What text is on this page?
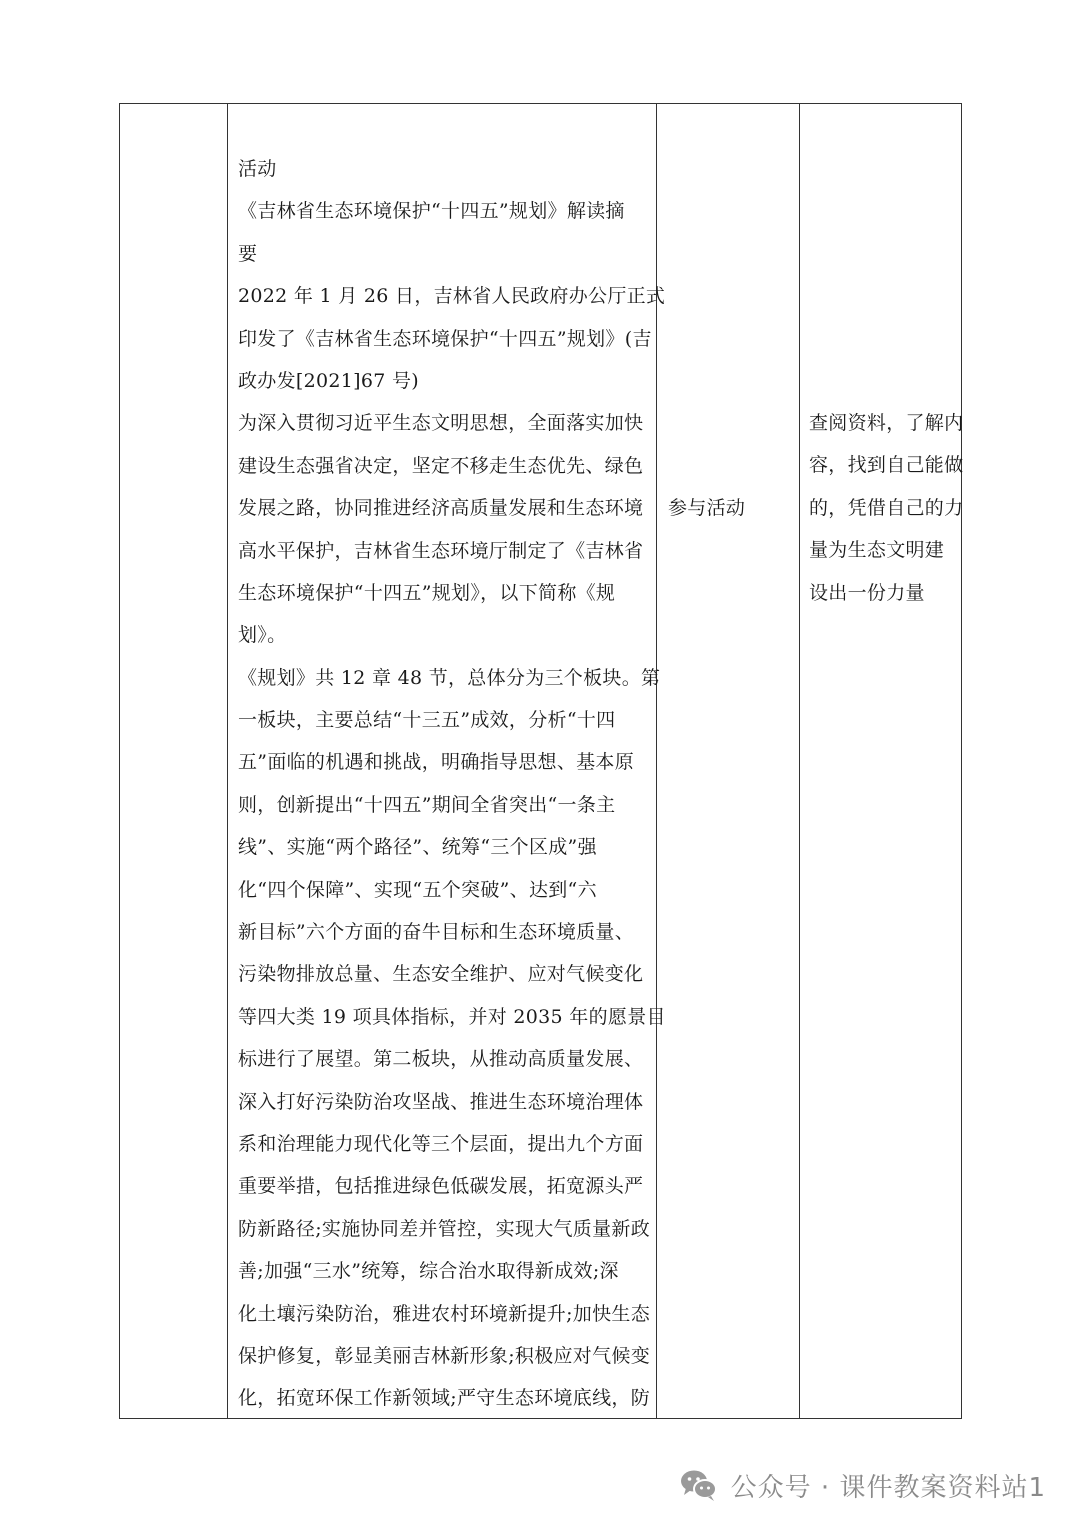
活动
《吉林省生态环境保护“十四五”规划》解读摘
要
2022 年 1 月 26 日，吉林省人民政府办公厅正式
印发了《吉林省生态环境保护“十四五”规划》(吉
政办发[2021]67 号)
为深入贯彻习近平生态文明思想，全面落实加快
建设生态强省决定，坚定不移走生态优先、绿色
发展之路，协同推进经济高质量发展和生态环境
高水平保护，吉林省生态环境厅制定了《吉林省
生态环境保护“十四五”规划》，以下简称《规
划》。
《规划》共 12 章 48 节，总体分为三个板块。第
一板块，主要总结“十三五”成效，分析“十四
五”面临的机遇和挑战，明确指导思想、基本原
则，创新提出“十四五”期间全省突出“一条主
线”、实施“两个路径”、统筹“三个区成”强
化“四个保障”、实现“五个突破”、达到“六
新目标”六个方面的奋牛目标和生态环境质量、
污染物排放总量、生态安全维护、应对气候变化
等四大类 19 项具体指标，并对 2035 年的愿景目
标进行了展望。第二板块，从推动高质量发展、
深入打好污染防治攻坚战、推进生态环境治理体
系和治理能力现代化等三个层面，提出九个方面
重要举措，包括推进绿色低碳发展，拓宽源头严
防新路径;实施协同差并管控，实现大气质量新政
善;加强“三水”统筹，综合治水取得新成效;深
化土壤污染防治，雅进农村环境新提升;加快生态
保护修复，彰显美丽吉林新形象;积极应对气候变
化，拓宽环保工作新领域;严守生态环境底线，防
参与活动
查阅资料，了解内
容，找到自己能做
的，凭借自己的力
量为生态文明建
设出一份力量
公众号 · 课件教案资料站1
